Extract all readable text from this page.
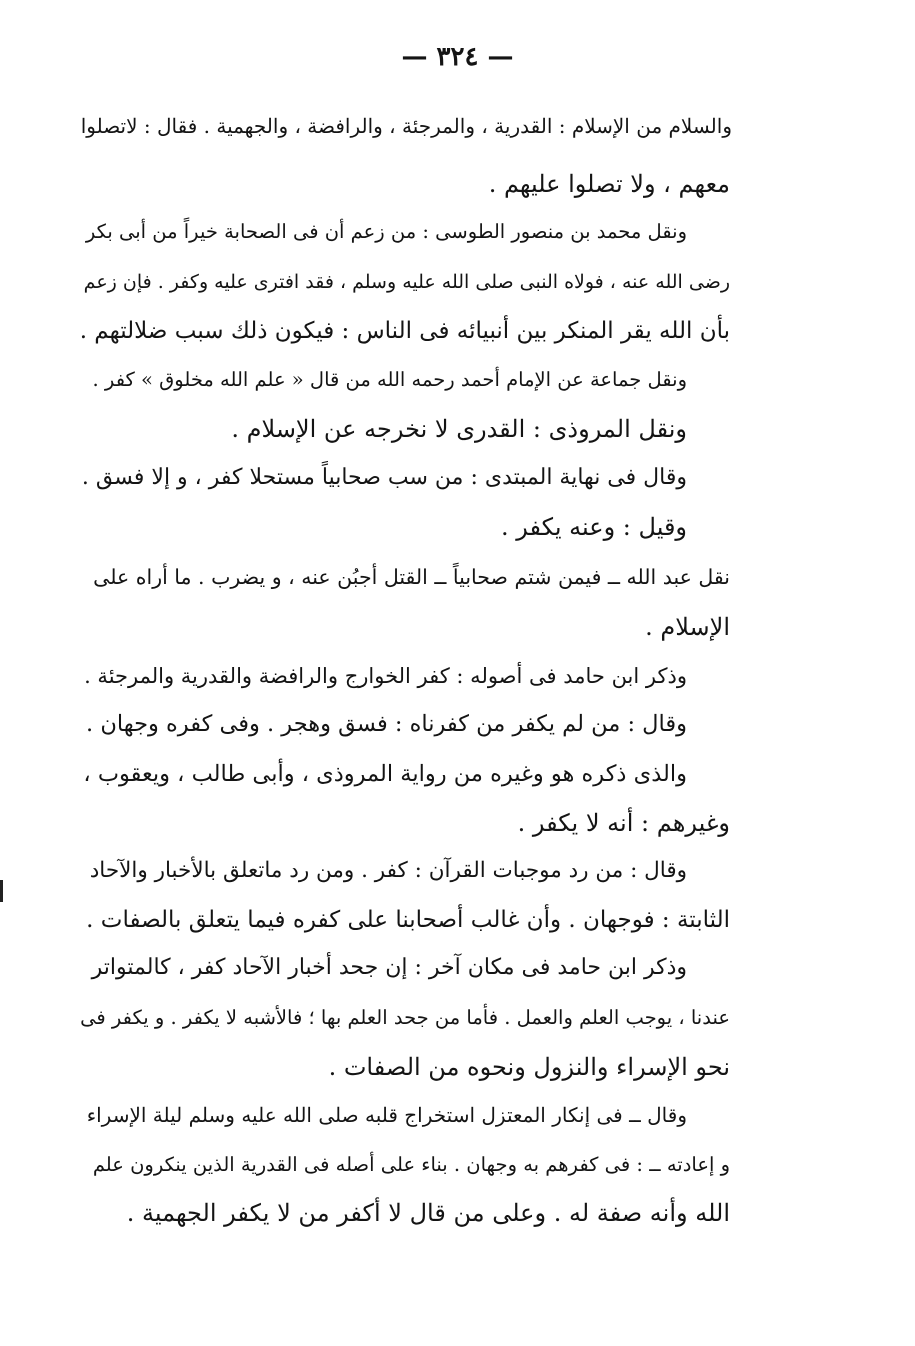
— ٣٢٤ —
والسلام من الإسلام : القدرية ، والمرجئة ، والرافضة ، والجهمية . فقال : لاتصلوا
معهم ، ولا تصلوا عليهم .
ونقل محمد بن منصور الطوسى : من زعم أن فى الصحابة خيراً من أبى بكر
رضى الله عنه ، فولاه النبى صلى الله عليه وسلم ، فقد افترى عليه وكفر . فإن زعم
بأن الله يقر المنكر بين أنبيائه فى الناس : فيكون ذلك سبب ضلالتهم .
ونقل جماعة عن الإمام أحمد رحمه الله من قال « علم الله مخلوق » كفر .
ونقل المروذى : القدرى لا نخرجه عن الإسلام .
وقال فى نهاية المبتدى : من سب صحابياً مستحلا كفر ، و إلا فسق .
وقيل : وعنه يكفر .
نقل عبد الله ــ فيمن شتم صحابياً ــ القتل أجبُن عنه ، و يضرب . ما أراه على
الإسلام .
وذكر ابن حامد فى أصوله : كفر الخوارج والرافضة والقدرية والمرجئة .
وقال : من لم يكفر من كفرناه : فسق وهجر . وفى كفره وجهان .
والذى ذكره هو وغيره من رواية المروذى ، وأبى طالب ، ويعقوب ،
وغيرهم : أنه لا يكفر .
وقال : من رد موجبات القرآن : كفر . ومن رد ماتعلق بالأخبار والآحاد
الثابتة : فوجهان . وأن غالب أصحابنا على كفره فيما يتعلق بالصفات .
وذكر ابن حامد فى مكان آخر : إن جحد أخبار الآحاد كفر ، كالمتواتر
عندنا ، يوجب العلم والعمل . فأما من جحد العلم بها ؛ فالأشبه لا يكفر . و يكفر فى
نحو الإسراء والنزول ونحوه من الصفات .
وقال ــ فى إنكار المعتزل استخراج قلبه صلى الله عليه وسلم ليلة الإسراء
و إعادته ــ : فى كفرهم به وجهان . بناء على أصله فى القدرية الذين ينكرون علم
الله وأنه صفة له . وعلى من قال لا أكفر من لا يكفر الجهمية .
